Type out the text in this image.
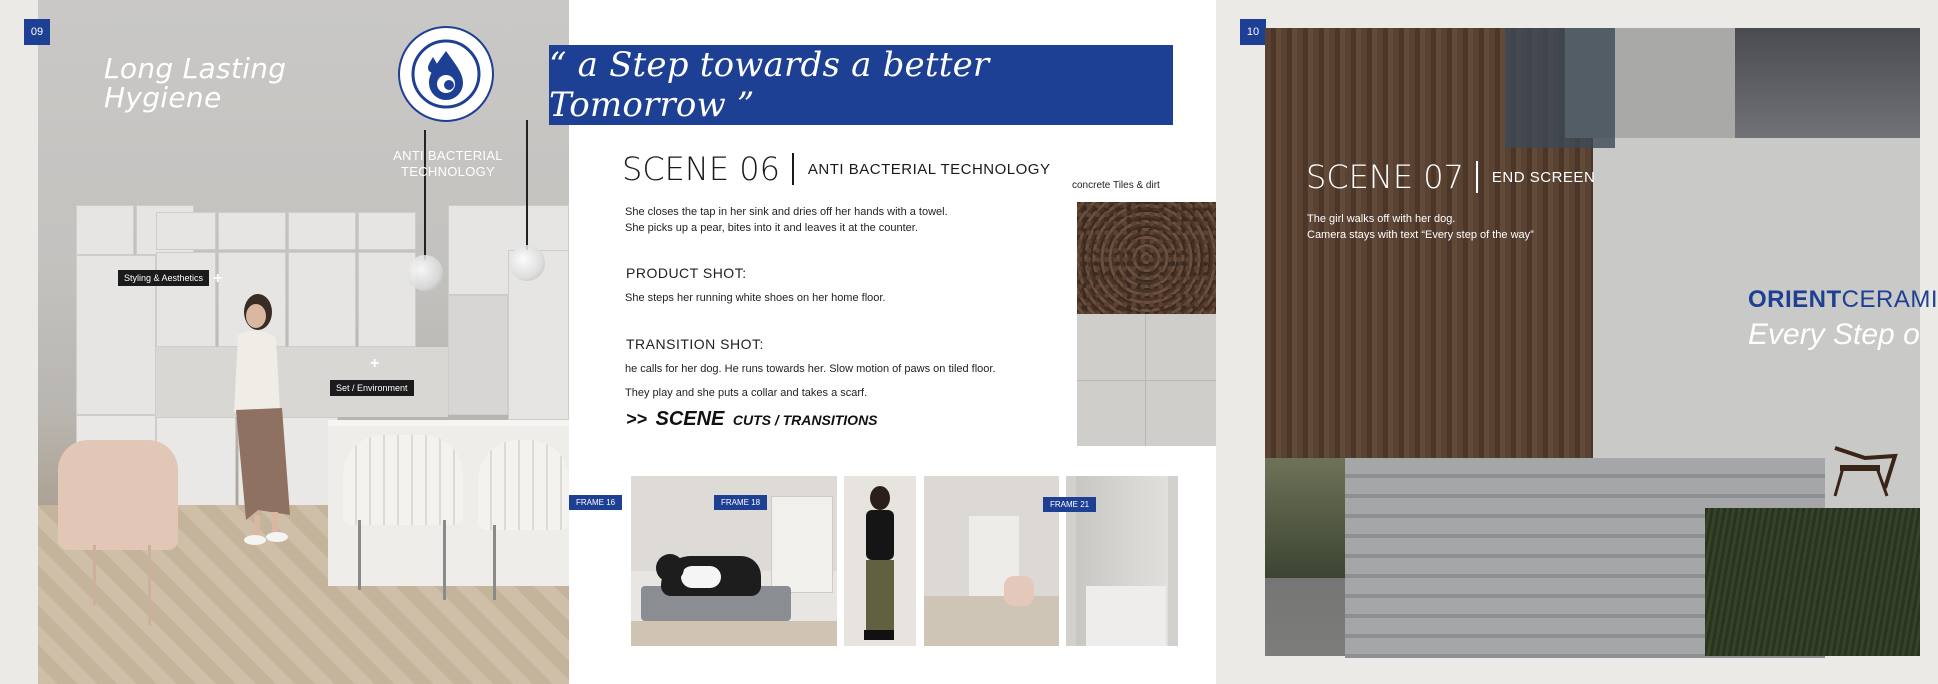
09
Long Lasting
Hygiene
ANTI BACTERIAL
TECHNOLOGY
Styling & Aesthetics +
+
Set / Environment
“ a Step towards a better Tomorrow ”
SCENE 06 ANTI BACTERIAL TECHNOLOGY
She closes the tap in her sink and dries off her hands with a towel.
She picks up a pear, bites into it and leaves it at the counter.
PRODUCT SHOT:
She steps her running white shoes on her home floor.
TRANSITION SHOT:
he calls for her dog. He runs towards her. Slow motion of paws on tiled floor.
They play and she puts a collar and takes a scarf.
>> SCENE CUTS / TRANSITIONS
concrete Tiles & dirt
FRAME 16	FRAME 18	FRAME 21
10
SCENE 07 END SCREEN
The girl walks off with her dog.
Camera stays with text “Every step of the way”
ORIENTCERAMI
Every Step o
